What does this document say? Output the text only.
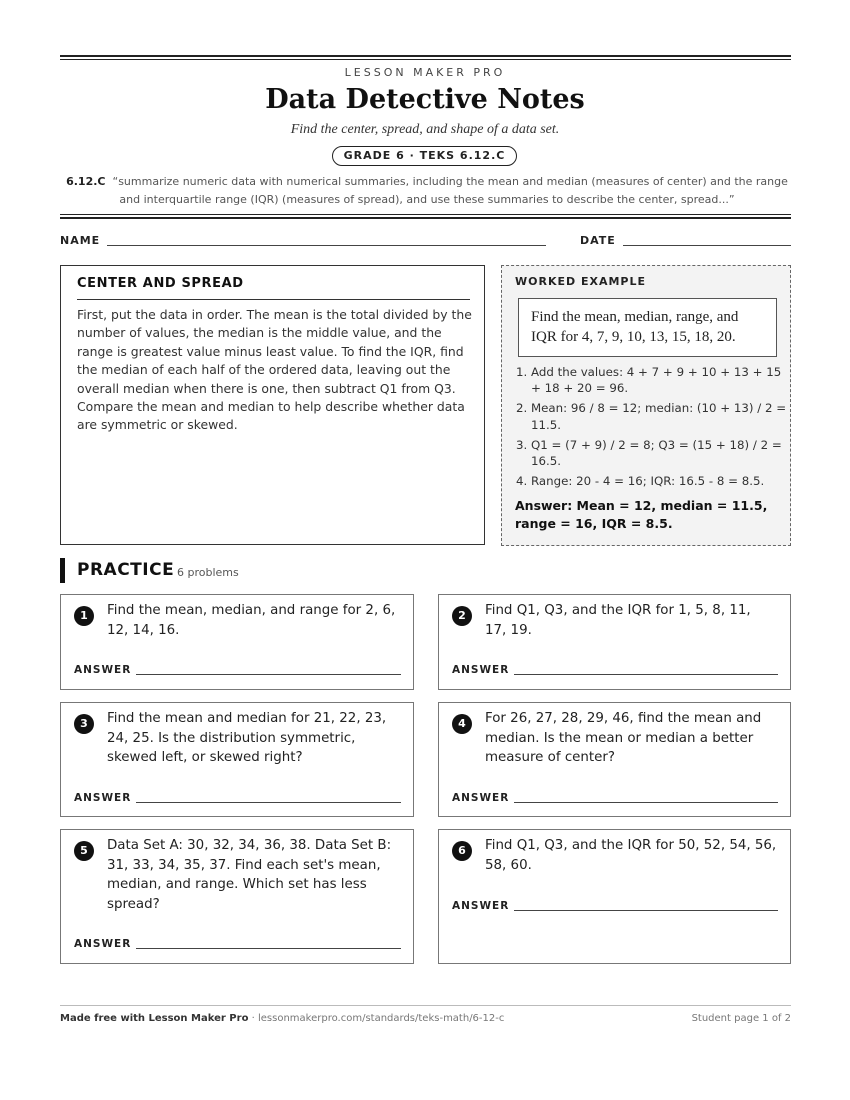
LESSON MAKER PRO
Data Detective Notes
Find the center, spread, and shape of a data set.
GRADE 6 · TEKS 6.12.C
6.12.C “summarize numeric data with numerical summaries, including the mean and median (measures of center) and the range and interquartile range (IQR) (measures of spread), and use these summaries to describe the center, spread...”
NAME	DATE
CENTER AND SPREAD

First, put the data in order. The mean is the total divided by the number of values, the median is the middle value, and the range is greatest value minus least value. To find the IQR, find the median of each half of the ordered data, leaving out the overall median when there is one, then subtract Q1 from Q3. Compare the mean and median to help describe whether data are symmetric or skewed.

WORKED EXAMPLE
Find the mean, median, range, and IQR for 4, 7, 9, 10, 13, 15, 18, 20.
1. Add the values: 4 + 7 + 9 + 10 + 13 + 15 + 18 + 20 = 96.
2. Mean: 96 / 8 = 12; median: (10 + 13) / 2 = 11.5.
3. Q1 = (7 + 9) / 2 = 8; Q3 = (15 + 18) / 2 = 16.5.
4. Range: 20 - 4 = 16; IQR: 16.5 - 8 = 8.5.
Answer: Mean = 12, median = 11.5, range = 16, IQR = 8.5.
PRACTICE 6 problems
1	Find the mean, median, and range for 2, 6, 12, 14, 16.

ANSWER
2	Find Q1, Q3, and the IQR for 1, 5, 8, 11, 17, 19.

ANSWER
3	Find the mean and median for 21, 22, 23, 24, 25. Is the distribution symmetric, skewed left, or skewed right?

ANSWER
4	For 26, 27, 28, 29, 46, find the mean and median. Is the mean or median a better measure of center?

ANSWER
5	Data Set A: 30, 32, 34, 36, 38. Data Set B: 31, 33, 34, 35, 37. Find each set's mean, median, and range. Which set has less spread?

ANSWER
6	Find Q1, Q3, and the IQR for 50, 52, 54, 56, 58, 60.

ANSWER
Made free with Lesson Maker Pro · lessonmakerpro.com/standards/teks-math/6-12-c	Student page 1 of 2
